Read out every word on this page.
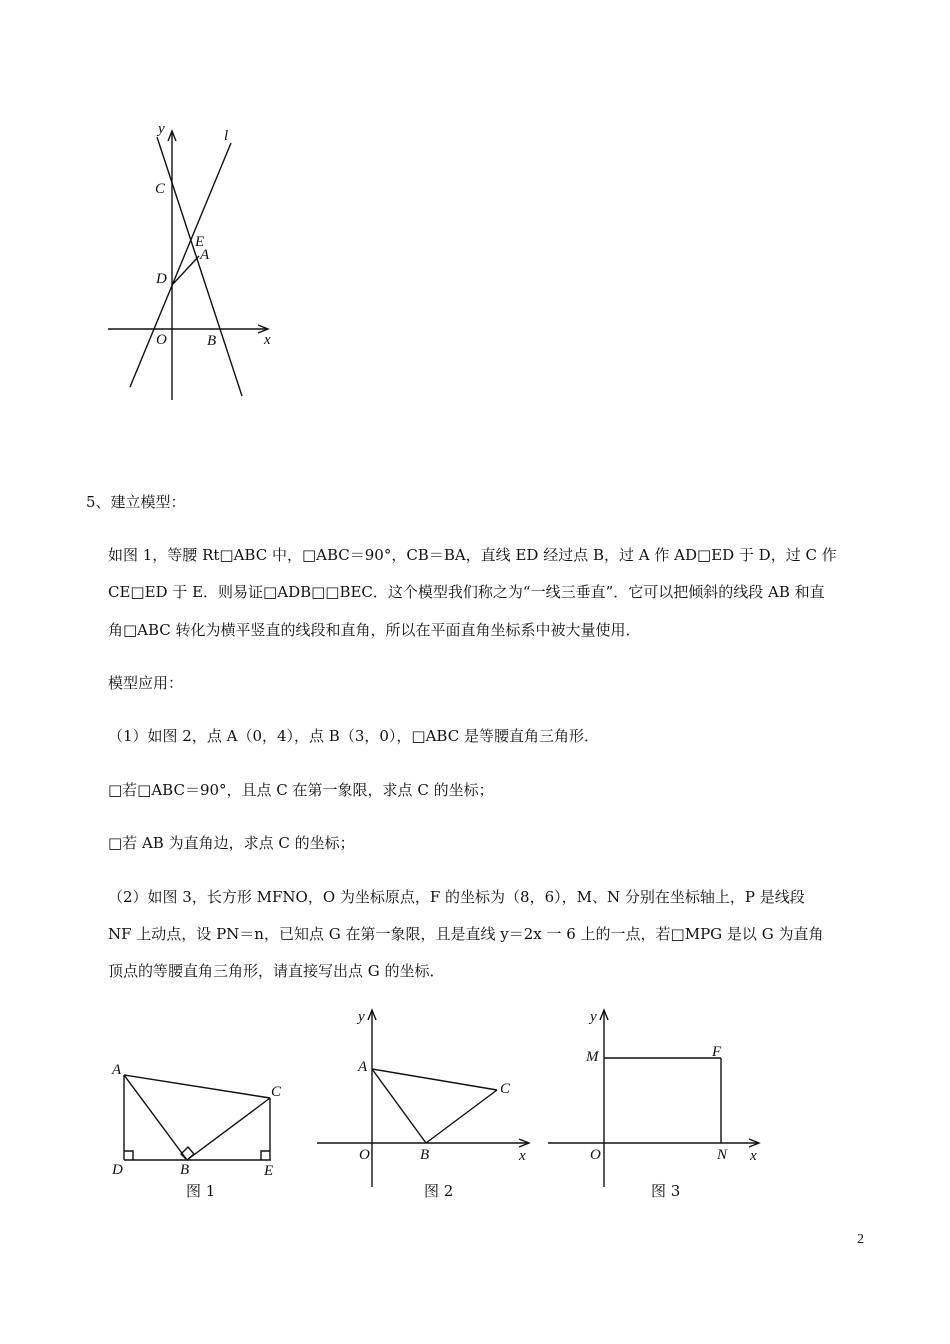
y	l
C
E
A
D
O	B	x
5、建立模型：
如图 1，等腰 Rt□ABC 中，□ABC＝90°，CB＝BA，直线 ED 经过点 B，过 A 作 AD□ED 于 D，过 C 作
CE□ED 于 E．则易证□ADB□□BEC．这个模型我们称之为“一线三垂直”．它可以把倾斜的线段 AB 和直
角□ABC 转化为横平竖直的线段和直角，所以在平面直角坐标系中被大量使用．
模型应用：
（1）如图 2，点 A（0，4），点 B（3，0），□ABC 是等腰直角三角形．
□若□ABC＝90°，且点 C 在第一象限，求点 C 的坐标；
□若 AB 为直角边，求点 C 的坐标；
（2）如图 3，长方形 MFNO，O 为坐标原点，F 的坐标为（8，6），M、N 分别在坐标轴上，P 是线段
NF 上动点，设 PN＝n，已知点 G 在第一象限，且是直线 y＝2x 一 6 上的一点，若□MPG 是以 G 为直角
顶点的等腰直角三角形，请直接写出点 G 的坐标．
A
C
D	B	E
图 1
y
A
C
O	B	x
图 2
y
M	F
O	N x
图 3
2
